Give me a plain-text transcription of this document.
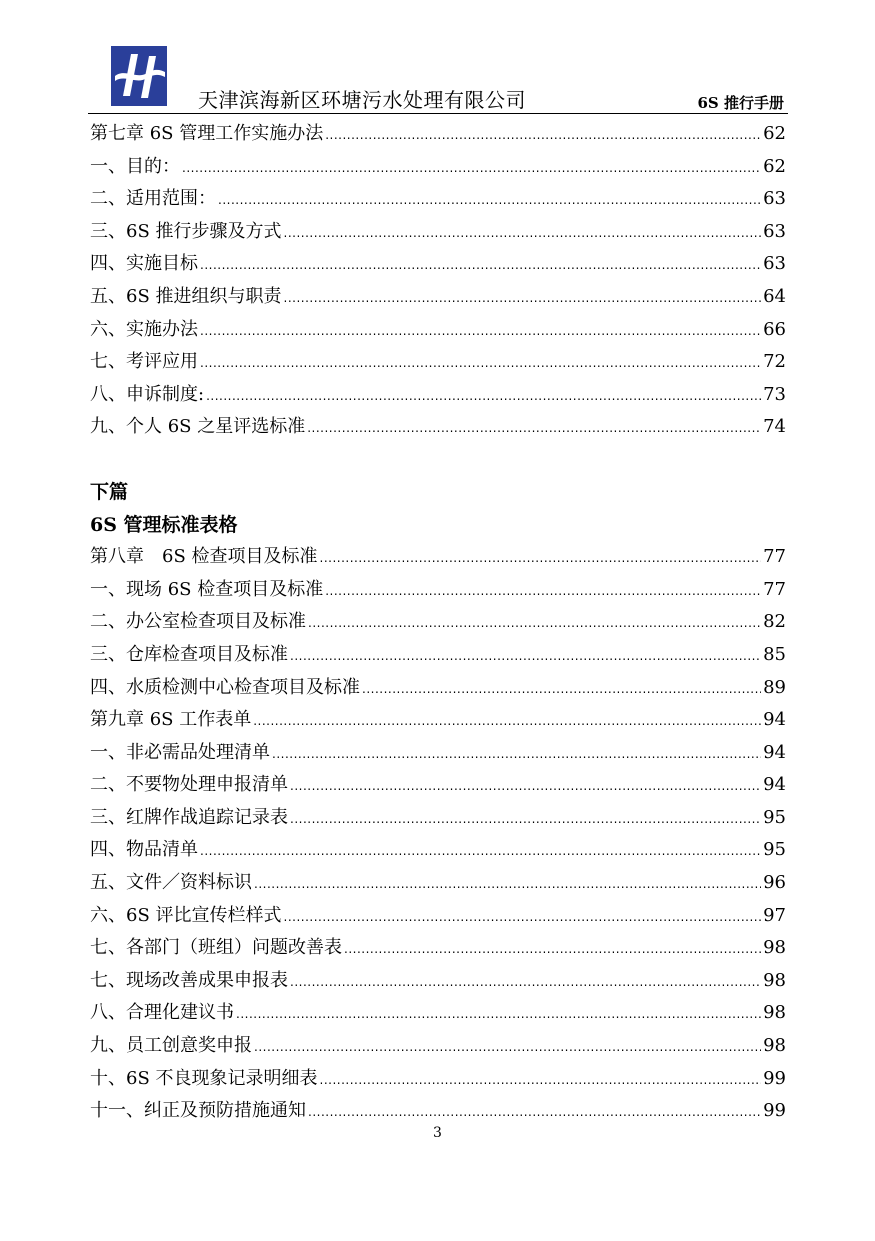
天津滨海新区环塘污水处理有限公司	6S 推行手册
第七章 6S 管理工作实施办法 .....	62
一、目的： .....	62
二、适用范围： .....	63
三、6S 推行步骤及方式 .....	63
四、实施目标 .....	63
五、6S 推进组织与职责 .....	64
六、实施办法 .....	66
七、考评应用 .....	72
八、申诉制度: .....	73
九、个人 6S 之星评选标准 .....	74
下篇
6S 管理标准表格
第八章　6S 检查项目及标准 .....	77
一、现场 6S 检查项目及标准 .....	77
二、办公室检查项目及标准 .....	82
三、仓库检查项目及标准 .....	85
四、水质检测中心检查项目及标准 .....	89
第九章 6S 工作表单 .....	94
一、非必需品处理清单 .....	94
二、不要物处理申报清单 .....	94
三、红牌作战追踪记录表 .....	95
四、物品清单 .....	95
五、文件／资料标识 .....	96
六、6S 评比宣传栏样式 .....	97
七、各部门（班组）问题改善表 .....	98
七、现场改善成果申报表 .....	98
八、合理化建议书 .....	98
九、员工创意奖申报 .....	98
十、6S 不良现象记录明细表 .....	99
十一、纠正及预防措施通知 .....	99
3
